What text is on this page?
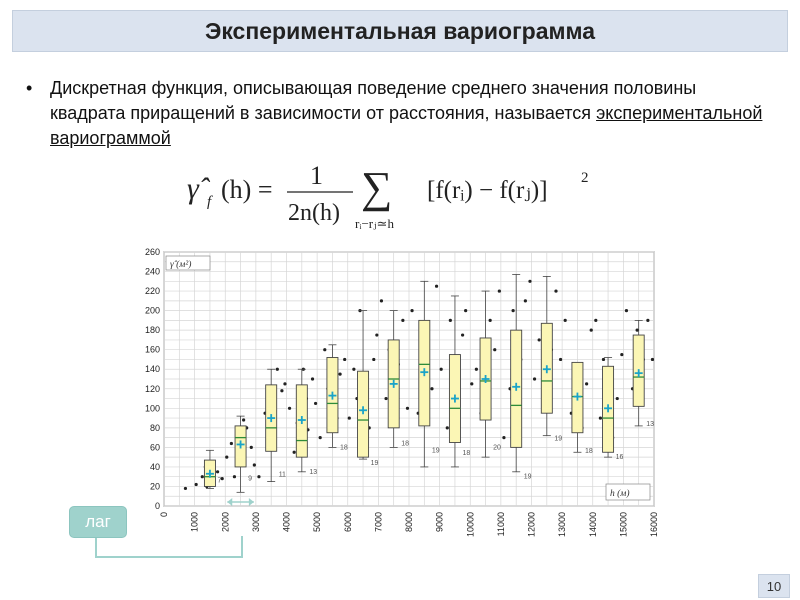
Экспериментальная вариограмма
• Дискретная функция, описывающая поведение среднего значения половины квадрата приращений в зависимости от расстояния, называется экспериментальной вариограммой
γ̂ f (h) = 1
2n(h)
∑
rᵢ−rⱼ≃h
[f(rᵢ) − f(rⱼ)] 2
0
20
40
60
80
100
120
140
160
180
200
220
240
260
0 1000 2000 3000 4000 5000 6000 7000 8000 9000 10000 11000 12000 13000 14000 15000 16000
7	9
11	13
18
19
18
19	18
20
19
19
18
16
13
γ̂ (м²)
h (м)
лаг
10
